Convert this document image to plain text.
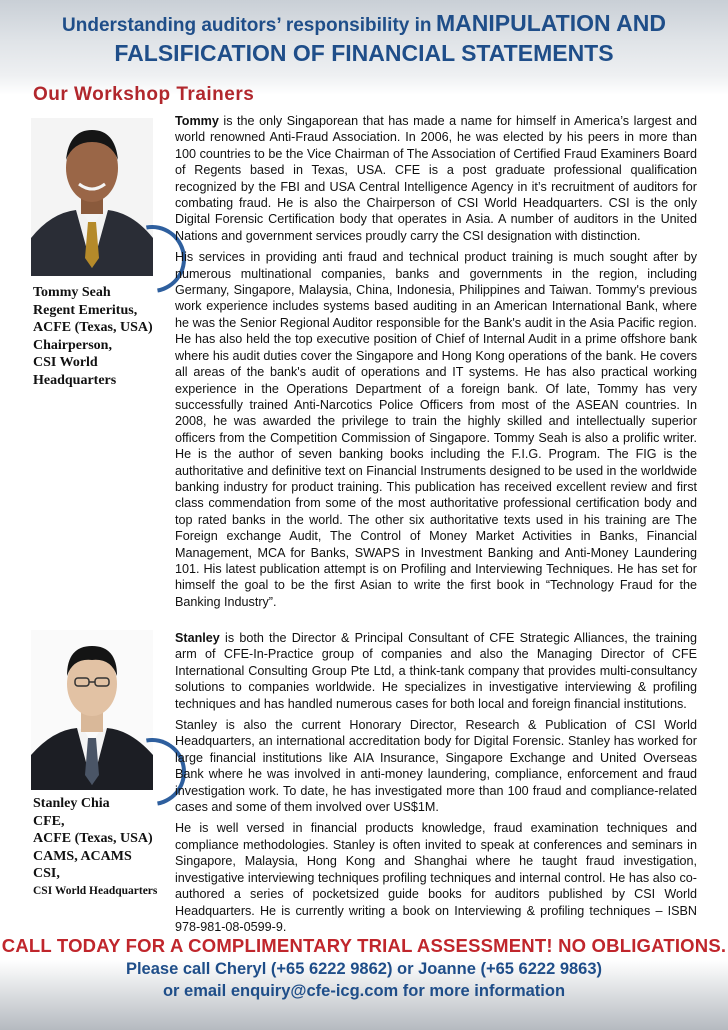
Understanding auditors’ responsibility in MANIPULATION AND
FALSIFICATION OF FINANCIAL STATEMENTS
Our Workshop Trainers
Tommy Seah
Regent Emeritus,
ACFE (Texas, USA)
Chairperson,
CSI World
Headquarters

Tommy is the only Singaporean that has made a name for himself in America’s largest and world renowned Anti-Fraud Association. In 2006, he was elected by his peers in more than 100 countries to be the Vice Chairman of The Association of Certified Fraud Examiners Board of Regents based in Texas, USA. CFE is a post graduate professional qualification recognized by the FBI and USA Central Intelligence Agency in it’s recruitment of auditors for combating fraud. He is also the Chairperson of CSI World Headquarters. CSI is the only Digital Forensic Certification body that operates in Asia. A number of auditors in the United Nations and government services proudly carry the CSI designation with distinction.

His services in providing anti fraud and technical product training is much sought after by numerous multinational companies, banks and governments in the region, including Germany, Singapore, Malaysia, China, Indonesia, Philippines and Taiwan. Tommy's previous work experience includes systems based auditing in an American International Bank, where he was the Senior Regional Auditor responsible for the Bank's audit in the Asia Pacific region. He has also held the top executive position of Chief of Internal Audit in a prime offshore bank where his audit duties cover the Singapore and Hong Kong operations of the bank. He covers all areas of the bank's audit of operations and IT systems. He has also practical working experience in the Operations Department of a foreign bank. Of late, Tommy has very successfully trained Anti-Narcotics Police Officers from most of the ASEAN countries. In 2008, he was awarded the privilege to train the highly skilled and intellectually superior officers from the Competition Commission of Singapore. Tommy Seah is also a prolific writer. He is the author of seven banking books including the F.I.G. Program. The FIG is the authoritative and definitive text on Financial Instruments designed to be used in the worldwide banking industry for product training. This publication has received excellent review and first class commendation from some of the most authoritative professional certification body and top rated banks in the world. The other six authoritative texts used in his training are The Foreign exchange Audit, The Control of Money Market Activities in Banks, Financial Management, MCA for Banks, SWAPS in Investment Banking and Anti-Money Laundering 101. His latest publication attempt is on Profiling and Interviewing Techniques. He has set for himself the goal to be the first Asian to write the first book in “Technology Fraud for the Banking Industry”.

Stanley Chia
CFE,
ACFE (Texas, USA)
CAMS, ACAMS
CSI,
CSI World Headquarters

Stanley is both the Director & Principal Consultant of CFE Strategic Alliances, the training arm of CFE-In-Practice group of companies and also the Managing Director of CFE International Consulting Group Pte Ltd, a think-tank company that provides multi-consultancy solutions to companies worldwide. He specializes in investigative interviewing & profiling techniques and has handled numerous cases for both local and foreign financial institutions.

Stanley is also the current Honorary Director, Research & Publication of CSI World Headquarters, an international accreditation body for Digital Forensic. Stanley has worked for large financial institutions like AIA Insurance, Singapore Exchange and United Overseas Bank where he was involved in anti-money laundering, compliance, enforcement and fraud investigation work. To date, he has investigated more than 100 fraud and compliance-related cases and some of them involved over US$1M.

He is well versed in financial products knowledge, fraud examination techniques and compliance methodologies. Stanley is often invited to speak at conferences and seminars in Singapore, Malaysia, Hong Kong and Shanghai where he taught fraud investigation, investigative interviewing techniques profiling techniques and internal control. He has also co-authored a series of pocketsized guide books for auditors published by CSI World Headquarters. He is currently writing a book on Interviewing & profiling techniques – ISBN 978-981-08-0599-9.

CALL TODAY FOR A COMPLIMENTARY TRIAL ASSESSMENT! NO OBLIGATIONS.
Please call Cheryl (+65 6222 9862) or Joanne (+65 6222 9863)
or email enquiry@cfe-icg.com for more information
